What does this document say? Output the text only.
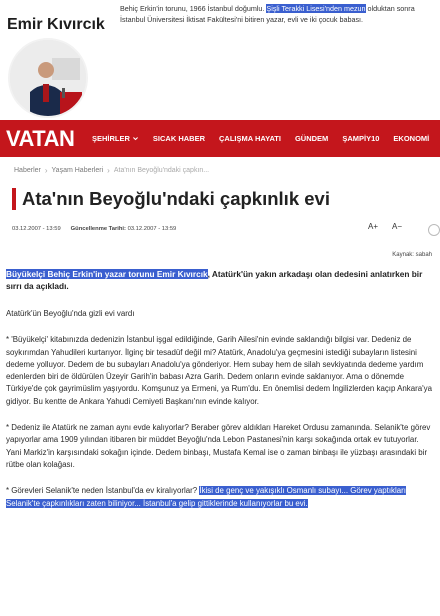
Emir Kıvırcık
Behiç Erkin'in torunu, 1966 İstanbul doğumlu. Şişli Terakki Lisesi'nden mezun olduktan sonra İstanbul Üniversitesi İktisat Fakültesi'ni bitiren yazar, evli ve iki çocuk babası.
VATAN	ŞEHİRLER	SICAK HABER ÇALIŞMA HAYATI GÜNDEM ŞAMPİY10 EKONOMİ
Haberler › Yaşam Haberleri › Ata'nın Beyoğlu'ndaki çapkın...
Ata'nın Beyoğlu'ndaki çapkınlık evi
03.12.2007 - 13:59 Güncellenme Tarihi: 03.12.2007 - 13:59	A+ A−
Kaynak: sabah

Büyükelçi Behiç Erkin'in yazar torunu Emir Kıvırcık, Atatürk'ün yakın arkadaşı olan dedesini anlatırken bir sırrı da açıkladı.

Atatürk'ün Beyoğlu'nda gizli evi vardı

* 'Büyükelçi' kitabınızda dedenizin İstanbul işgal edildiğinde, Garih Ailesi'nin evinde saklandığı bilgisi var. Dedeniz de soykırımdan Yahudileri kurtarıyor. İlginç bir tesadüf değil mi? Atatürk, Anadolu'ya geçmesini istediği subayların listesini dedeme yolluyor. Dedem de bu subayları Anadolu'ya gönderiyor. Hem subay hem de silah sevkiyatında dedeme yardım edenlerden biri de öldürülen Üzeyir Garih'in babası Azra Garih. Dedem onların evinde saklanıyor. Ama o dönemde Türkiye'de çok gayrimüslim yaşıyordu. Komşunuz ya Ermeni, ya Rum'du. En önemlisi dedem İngilizlerden kaçıp Ankara'ya gidiyor. Bu kentte de Ankara Yahudi Cemiyeti Başkanı'nın evinde kalıyor.

* Dedeniz ile Atatürk ne zaman aynı evde kalıyorlar? Beraber görev aldıkları Hareket Ordusu zamanında. Selanik'te görev yapıyorlar ama 1909 yılından itibaren bir müddet Beyoğlu'nda Lebon Pastanesi'nin karşı sokağında ortak ev tutuyorlar. Yani Markiz'in karşısındaki sokağın içinde. Dedem binbaşı, Mustafa Kemal ise o zaman binbaşı ile yüzbaşı arasındaki bir rütbe olan kolağası.

* Görevleri Selanik'te neden İstanbul'da ev kiralıyorlar? İkisi de genç ve yakışıklı Osmanlı subayı... Görev yaptıkları Selanik'te çapkınlıkları zaten biliniyor... İstanbul'a gelip gittiklerinde kullanıyorlar bu evi.
